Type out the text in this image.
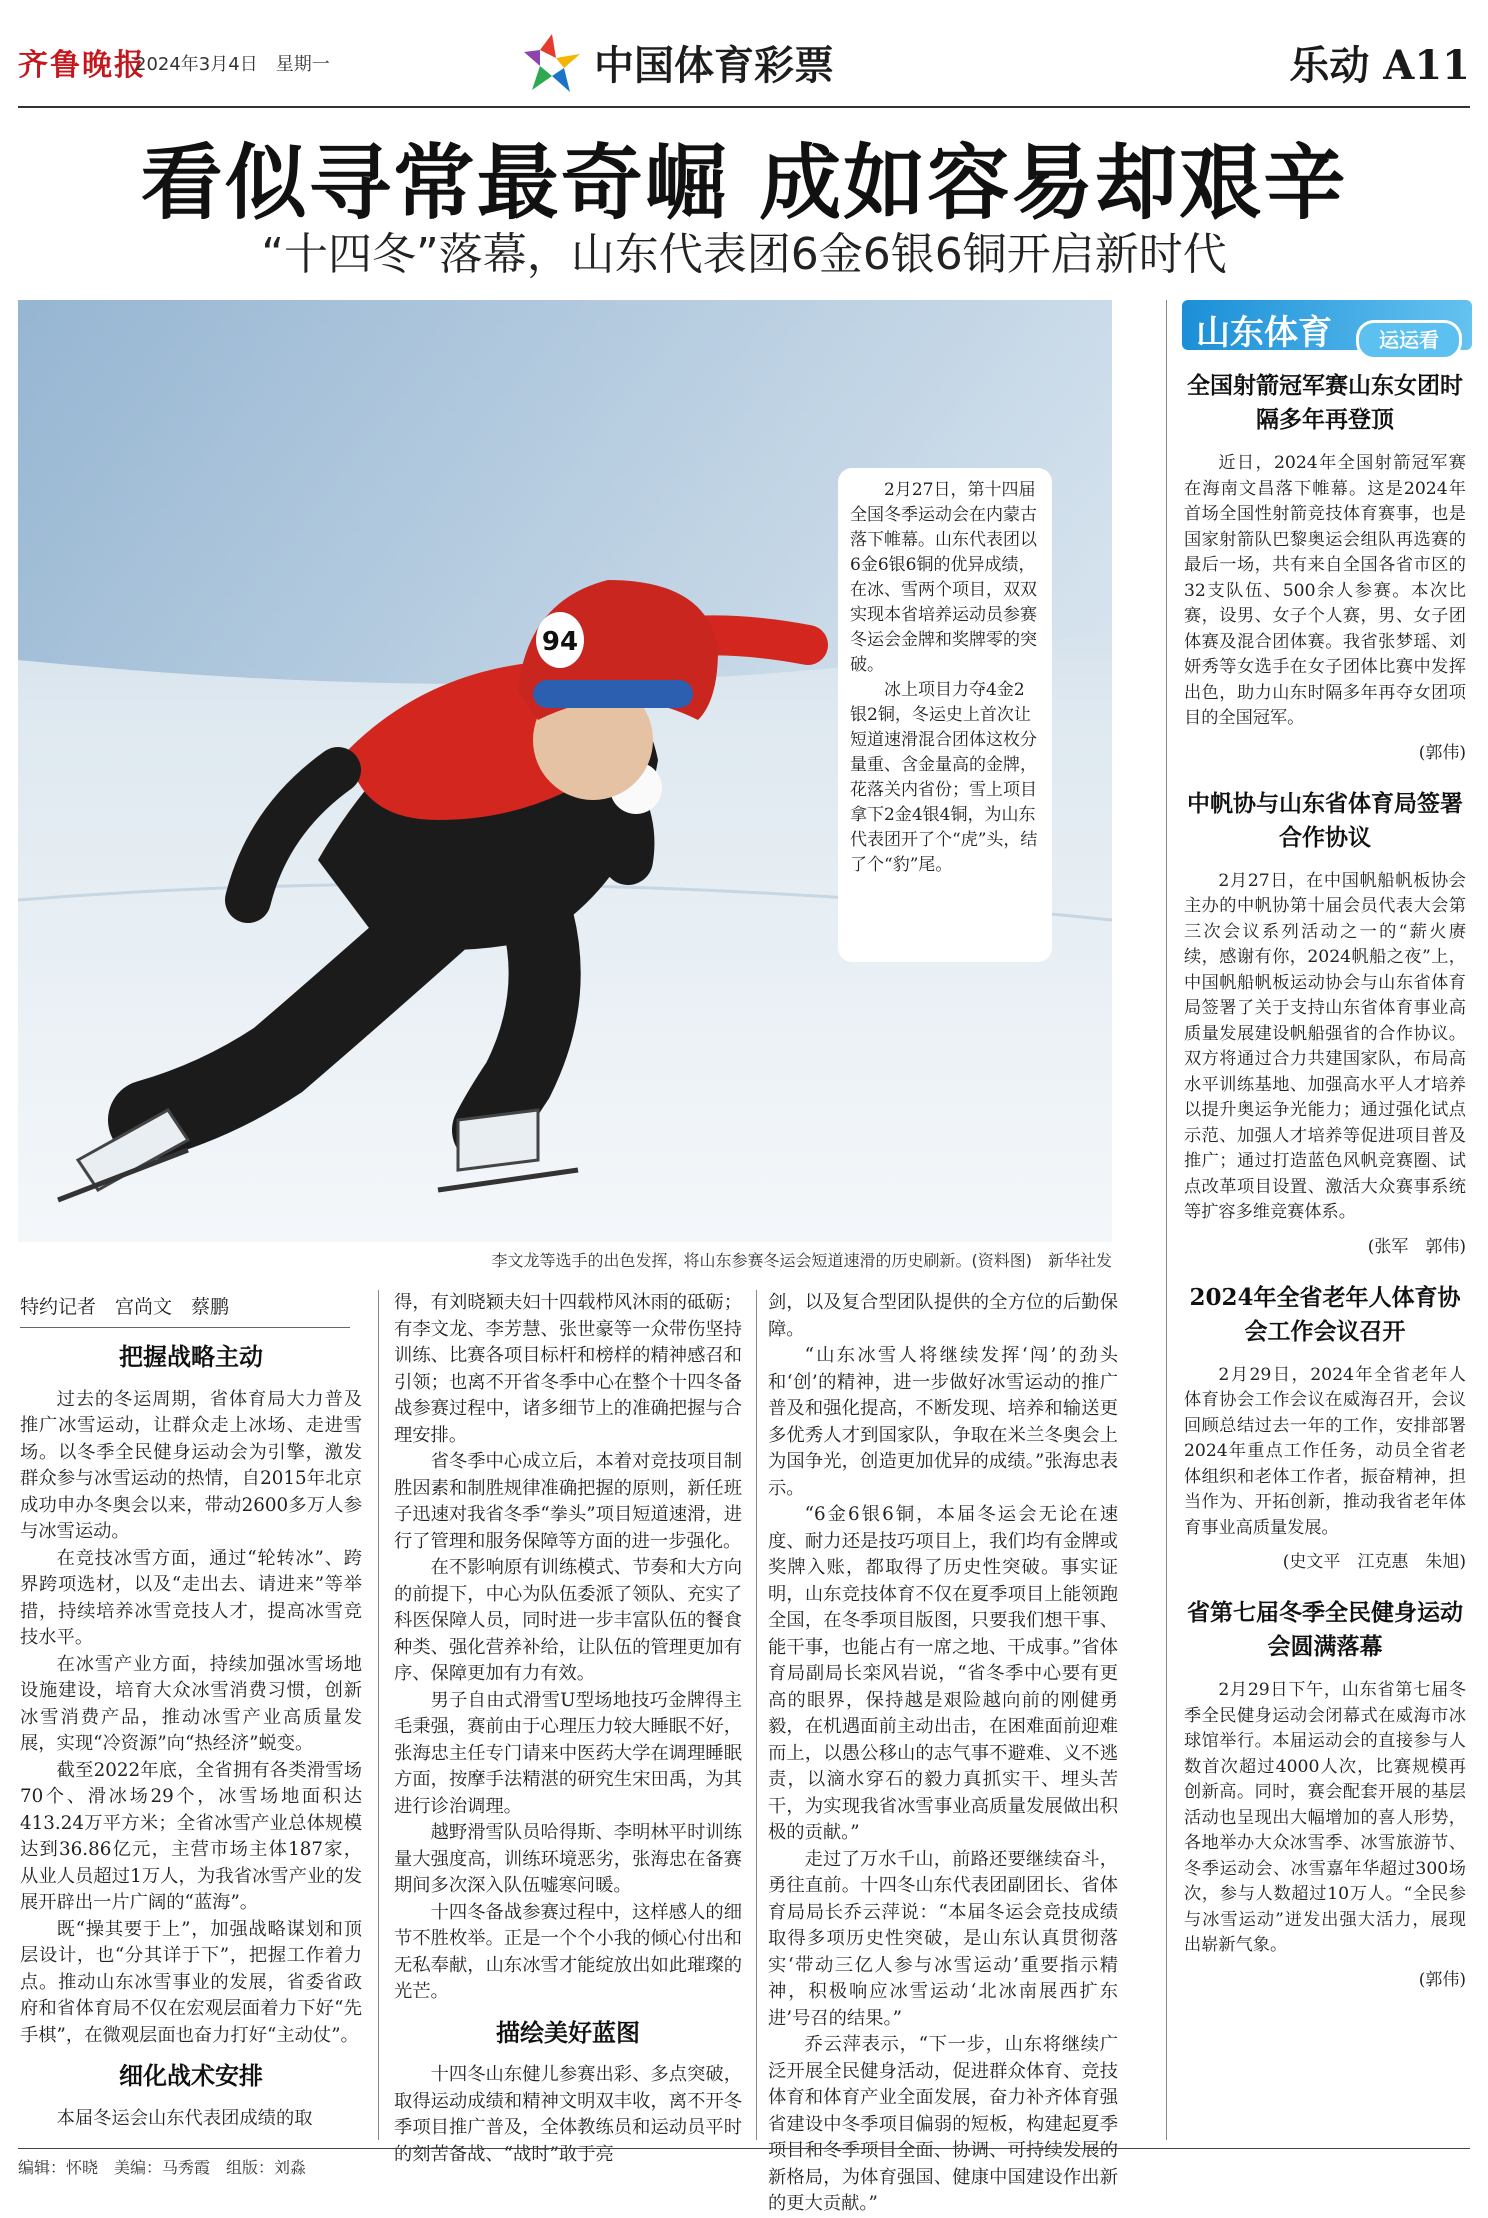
齐鲁晚报
2024年3月4日　星期一	中国体育彩票	乐动 A11
看似寻常最奇崛 成如容易却艰辛
“十四冬”落幕，山东代表团6金6银6铜开启新时代
94

2月27日，第十四届全国冬季运动会在内蒙古落下帷幕。山东代表团以6金6银6铜的优异成绩，在冰、雪两个项目，双双实现本省培养运动员参赛冬运会金牌和奖牌零的突破。

冰上项目力夺4金2银2铜，冬运史上首次让短道速滑混合团体这枚分量重、含金量高的金牌，花落关内省份；雪上项目拿下2金4银4铜，为山东代表团开了个“虎”头，结了个“豹”尾。

李文龙等选手的出色发挥，将山东参赛冬运会短道速滑的历史刷新。(资料图)　新华社发
特约记者　宫尚文　蔡鹏
把握战略主动

过去的冬运周期，省体育局大力普及推广冰雪运动，让群众走上冰场、走进雪场。以冬季全民健身运动会为引擎，激发群众参与冰雪运动的热情，自2015年北京成功申办冬奥会以来，带动2600多万人参与冰雪运动。

在竞技冰雪方面，通过“轮转冰”、跨界跨项选材，以及“走出去、请进来”等举措，持续培养冰雪竞技人才，提高冰雪竞技水平。

在冰雪产业方面，持续加强冰雪场地设施建设，培育大众冰雪消费习惯，创新冰雪消费产品，推动冰雪产业高质量发展，实现“冷资源”向“热经济”蜕变。

截至2022年底，全省拥有各类滑雪场70个、滑冰场29个，冰雪场地面积达413.24万平方米；全省冰雪产业总体规模达到36.86亿元，主营市场主体187家，从业人员超过1万人，为我省冰雪产业的发展开辟出一片广阔的“蓝海”。

既“操其要于上”，加强战略谋划和顶层设计，也“分其详于下”，把握工作着力点。推动山东冰雪事业的发展，省委省政府和省体育局不仅在宏观层面着力下好“先手棋”，在微观层面也奋力打好“主动仗”。

细化战术安排

本届冬运会山东代表团成绩的取

得，有刘晓颖夫妇十四载栉风沐雨的砥砺；有李文龙、李芳慧、张世豪等一众带伤坚持训练、比赛各项目标杆和榜样的精神感召和引领；也离不开省冬季中心在整个十四冬备战参赛过程中，诸多细节上的准确把握与合理安排。

省冬季中心成立后，本着对竞技项目制胜因素和制胜规律准确把握的原则，新任班子迅速对我省冬季“拳头”项目短道速滑，进行了管理和服务保障等方面的进一步强化。

在不影响原有训练模式、节奏和大方向的前提下，中心为队伍委派了领队、充实了科医保障人员，同时进一步丰富队伍的餐食种类、强化营养补给，让队伍的管理更加有序、保障更加有力有效。

男子自由式滑雪U型场地技巧金牌得主毛秉强，赛前由于心理压力较大睡眠不好，张海忠主任专门请来中医药大学在调理睡眠方面，按摩手法精湛的研究生宋田禹，为其进行诊治调理。

越野滑雪队员哈得斯、李明林平时训练量大强度高，训练环境恶劣，张海忠在备赛期间多次深入队伍嘘寒问暖。

十四冬备战参赛过程中，这样感人的细节不胜枚举。正是一个个小我的倾心付出和无私奉献，山东冰雪才能绽放出如此璀璨的光芒。

描绘美好蓝图

十四冬山东健儿参赛出彩、多点突破，取得运动成绩和精神文明双丰收，离不开冬季项目推广普及，全体教练员和运动员平时的刻苦备战、“战时”敢于亮

剑，以及复合型团队提供的全方位的后勤保障。

“山东冰雪人将继续发挥‘闯’的劲头和‘创’的精神，进一步做好冰雪运动的推广普及和强化提高，不断发现、培养和输送更多优秀人才到国家队，争取在米兰冬奥会上为国争光，创造更加优异的成绩。”张海忠表示。

“6金6银6铜，本届冬运会无论在速度、耐力还是技巧项目上，我们均有金牌或奖牌入账，都取得了历史性突破。事实证明，山东竞技体育不仅在夏季项目上能领跑全国，在冬季项目版图，只要我们想干事、能干事，也能占有一席之地、干成事。”省体育局副局长栾风岩说，“省冬季中心要有更高的眼界，保持越是艰险越向前的刚健勇毅，在机遇面前主动出击，在困难面前迎难而上，以愚公移山的志气事不避难、义不逃责，以滴水穿石的毅力真抓实干、埋头苦干，为实现我省冰雪事业高质量发展做出积极的贡献。”

走过了万水千山，前路还要继续奋斗，勇往直前。十四冬山东代表团副团长、省体育局局长乔云萍说：“本届冬运会竞技成绩取得多项历史性突破，是山东认真贯彻落实‘带动三亿人参与冰雪运动’重要指示精神，积极响应冰雪运动‘北冰南展西扩东进’号召的结果。”

乔云萍表示，“下一步，山东将继续广泛开展全民健身活动，促进群众体育、竞技体育和体育产业全面发展，奋力补齐体育强省建设中冬季项目偏弱的短板，构建起夏季项目和冬季项目全面、协调、可持续发展的新格局，为体育强国、健康中国建设作出新的更大贡献。”

山东体育	运运看
全国射箭冠军赛山东女团时隔多年再登顶

近日，2024年全国射箭冠军赛在海南文昌落下帷幕。这是2024年首场全国性射箭竞技体育赛事，也是国家射箭队巴黎奥运会组队再选赛的最后一场，共有来自全国各省市区的32支队伍、500余人参赛。本次比赛，设男、女子个人赛，男、女子团体赛及混合团体赛。我省张梦瑶、刘妍秀等女选手在女子团体比赛中发挥出色，助力山东时隔多年再夺女团项目的全国冠军。

(郭伟)
中帆协与山东省体育局签署合作协议

2月27日，在中国帆船帆板协会主办的中帆协第十届会员代表大会第三次会议系列活动之一的“薪火赓续，感谢有你，2024帆船之夜”上，中国帆船帆板运动协会与山东省体育局签署了关于支持山东省体育事业高质量发展建设帆船强省的合作协议。双方将通过合力共建国家队，布局高水平训练基地、加强高水平人才培养以提升奥运争光能力；通过强化试点示范、加强人才培养等促进项目普及推广；通过打造蓝色风帆竞赛圈、试点改革项目设置、激活大众赛事系统等扩容多维竞赛体系。

(张军　郭伟)
2024年全省老年人体育协会工作会议召开

2月29日，2024年全省老年人体育协会工作会议在威海召开，会议回顾总结过去一年的工作，安排部署2024年重点工作任务，动员全省老体组织和老体工作者，振奋精神，担当作为、开拓创新，推动我省老年体育事业高质量发展。

(史文平　江克惠　朱旭)
省第七届冬季全民健身运动会圆满落幕

2月29日下午，山东省第七届冬季全民健身运动会闭幕式在威海市冰球馆举行。本届运动会的直接参与人数首次超过4000人次，比赛规模再创新高。同时，赛会配套开展的基层活动也呈现出大幅增加的喜人形势，各地举办大众冰雪季、冰雪旅游节、冬季运动会、冰雪嘉年华超过300场次，参与人数超过10万人。“全民参与冰雪运动”迸发出强大活力，展现出崭新气象。

(郭伟)
编辑：怀晓　美编：马秀霞　组版：刘淼
